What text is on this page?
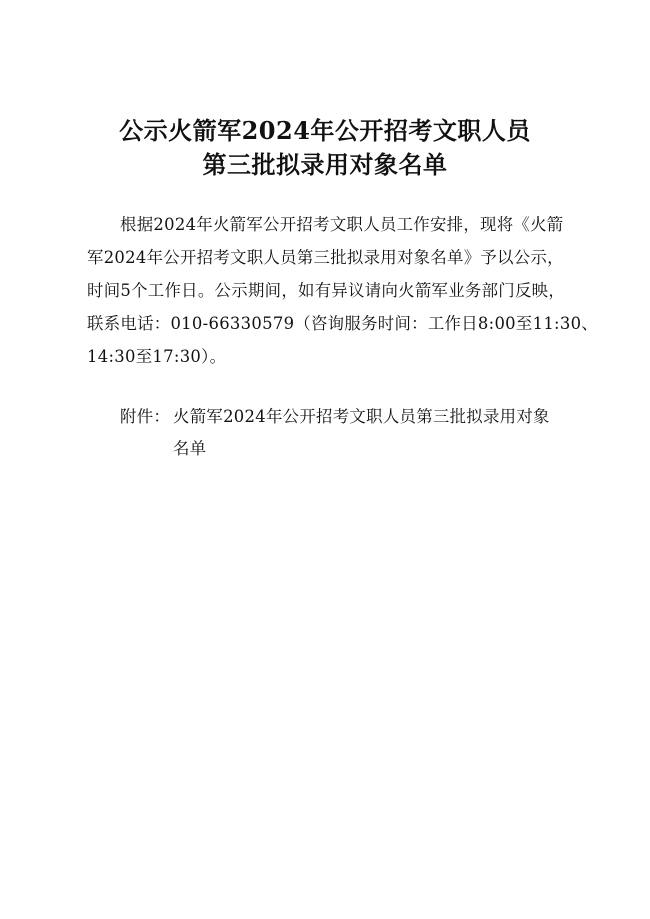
公示火箭军2024年公开招考文职人员
第三批拟录用对象名单

根据2024年火箭军公开招考文职人员工作安排，现将《火箭

军2024年公开招考文职人员第三批拟录用对象名单》予以公示，

时间5个工作日。公示期间，如有异议请向火箭军业务部门反映，

联系电话：010-66330579（咨询服务时间：工作日8:00至11:30、

14:30至17:30）。

附件： 火箭军2024年公开招考文职人员第三批拟录用对象
名单
